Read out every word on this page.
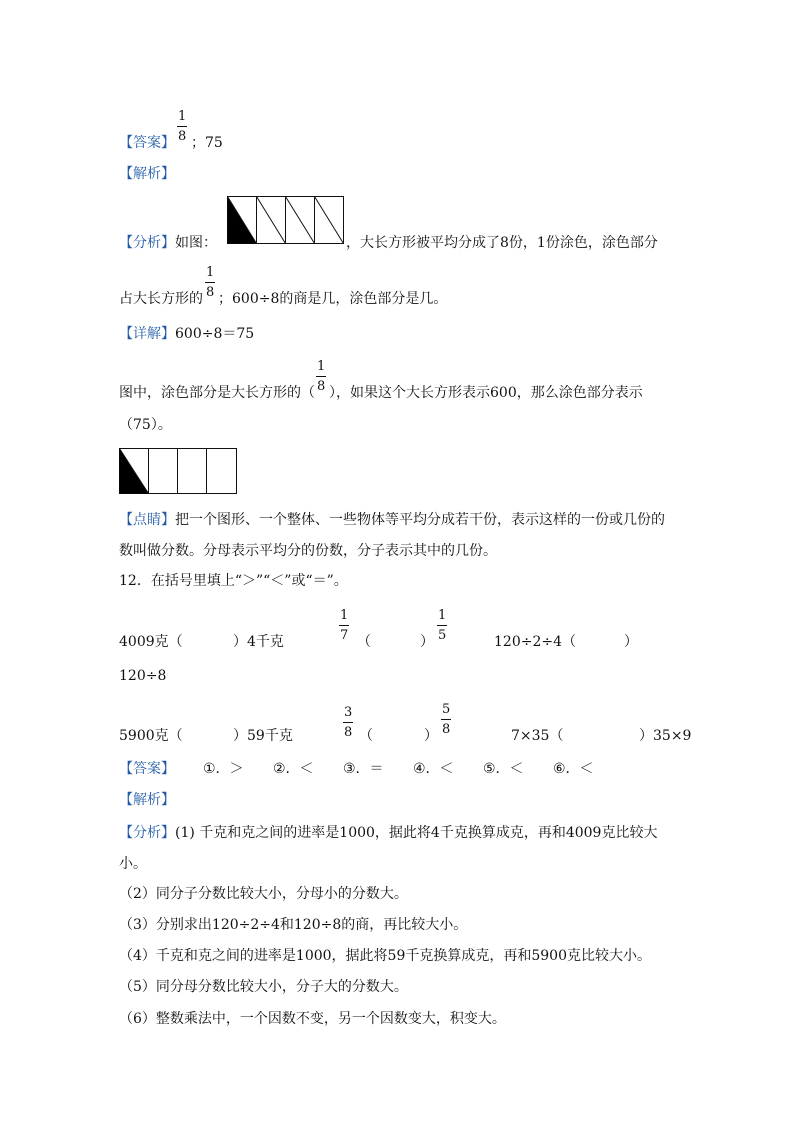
【答案】
1
8 ；75
【解析】
【分析】 如图：	，大长方形被平均分成了8份，1份涂色，涂色部分
占大长方形的
1
8 ；600÷8的商是几，涂色部分是几。
【详解】 600÷8＝75
图中，涂色部分是大长方形的（
1
8 ），如果这个大长方形表示600，那么涂色部分表示
（75）。
【点睛】 把一个图形、一个整体、一些物体等平均分成若干份，表示这样的一份或几份的
数叫做分数。分母表示平均分的份数，分子表示其中的几份。
12．在括号里填上“＞”“＜”或“＝”。
4009克（	）4千克
1
7 （	）
1
5	120÷2÷4（	）
120÷8
5900克（	）59千克
3
8 （	）
5
8	7×35（	）35×9
【答案】 ①．＞ ②．＜ ③．＝ ④．＜ ⑤．＜ ⑥．＜
【解析】
【分析】 (1) 千克和克之间的进率是1000，据此将4千克换算成克，再和4009克比较大
小。
（2）同分子分数比较大小，分母小的分数大。
（3）分别求出120÷2÷4和120÷8的商，再比较大小。
（4）千克和克之间的进率是1000，据此将59千克换算成克，再和5900克比较大小。
（5）同分母分数比较大小，分子大的分数大。
（6）整数乘法中，一个因数不变，另一个因数变大，积变大。
